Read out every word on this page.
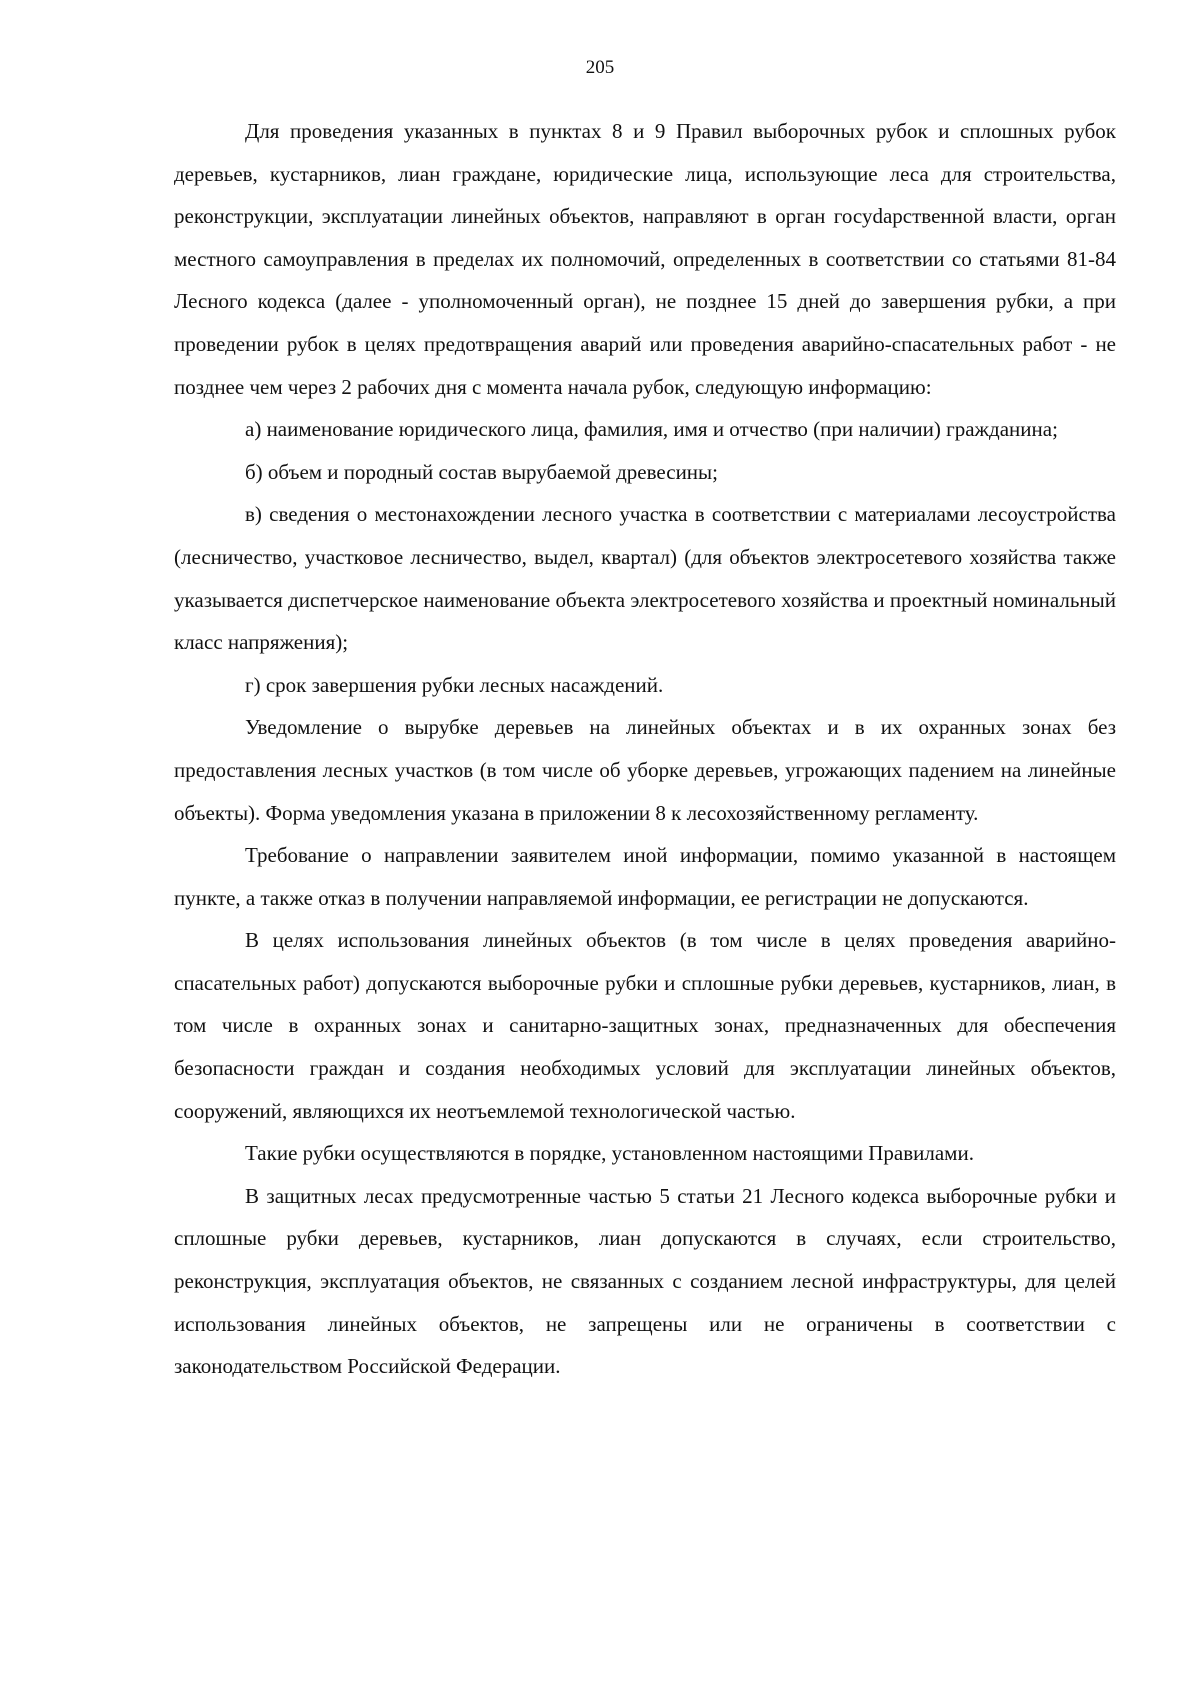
205

Для проведения указанных в пунктах 8 и 9 Правил выборочных рубок и сплошных рубок деревьев, кустарников, лиан граждане, юридические лица, использующие леса для строительства, реконструкции, эксплуатации линейных объектов, направляют в орган госуdарственной власти, орган местного самоуправления в пределах их полномочий, определенных в соответствии со статьями 81-84 Лесного кодекса (далее - уполномоченный орган), не позднее 15 дней до завершения рубки, а при проведении рубок в целях предотвращения аварий или проведения аварийно-спасательных работ - не позднее чем через 2 рабочих дня с момента начала рубок, следующую информацию:

а) наименование юридического лица, фамилия, имя и отчество (при наличии) гражданина;

б) объем и породный состав вырубаемой древесины;

в) сведения о местонахождении лесного участка в соответствии с материалами лесоустройства (лесничество, участковое лесничество, выдел, квартал) (для объектов электросетевого хозяйства также указывается диспетчерское наименование объекта электросетевого хозяйства и проектный номинальный класс напряжения);

г) срок завершения рубки лесных насаждений.

Уведомление о вырубке деревьев на линейных объектах и в их охранных зонах без предоставления лесных участков (в том числе об уборке деревьев, угрожающих падением на линейные объекты). Форма уведомления указана в приложении 8 к лесохозяйственному регламенту.

Требование о направлении заявителем иной информации, помимо указанной в настоящем пункте, а также отказ в получении направляемой информации, ее регистрации не допускаются.

В целях использования линейных объектов (в том числе в целях проведения аварийно-спасательных работ) допускаются выборочные рубки и сплошные рубки деревьев, кустарников, лиан, в том числе в охранных зонах и санитарно-защитных зонах, предназначенных для обеспечения безопасности граждан и создания необходимых условий для эксплуатации линейных объектов, сооружений, являющихся их неотъемлемой технологической частью.

Такие рубки осуществляются в порядке, установленном настоящими Правилами.

В защитных лесах предусмотренные частью 5 статьи 21 Лесного кодекса выборочные рубки и сплошные рубки деревьев, кустарников, лиан допускаются в случаях, если строительство, реконструкция, эксплуатация объектов, не связанных с созданием лесной инфраструктуры, для целей использования линейных объектов, не запрещены или не ограничены в соответствии с законодательством Российской Федерации.
